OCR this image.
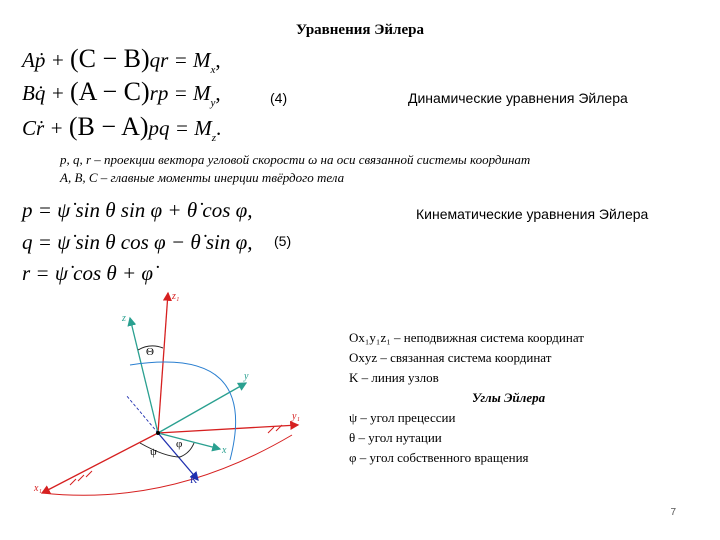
Уравнения Эйлера
Aṗ + $(C - B)qr = M_x$,
Bq̇ + $(A - C)rp = M_y$,
Cṙ + $(B - A)pq = M_z$.
(4)	Динамические уравнения Эйлера
p, q, r – проекции вектора угловой скорости ω на оси связанной системы координат
A, B, C – главные моменты инерции твёрдого тела
p = ψ̇ sin θ sin φ + θ̇ cos φ,
q = ψ̇ sin θ cos φ − θ̇ sin φ,
r = ψ̇ cos θ + φ̇
(5)
Кинематические уравнения Эйлера
z₁
z
Θ
y
y₁
x
x₁
K
ψ
φ
Ox₁y₁z₁ – неподвижная система координат
Oxyz – связанная система координат
K – линия узлов
Углы Эйлера
ψ – угол прецессии
θ – угол нутации
φ – угол собственного вращения
7
